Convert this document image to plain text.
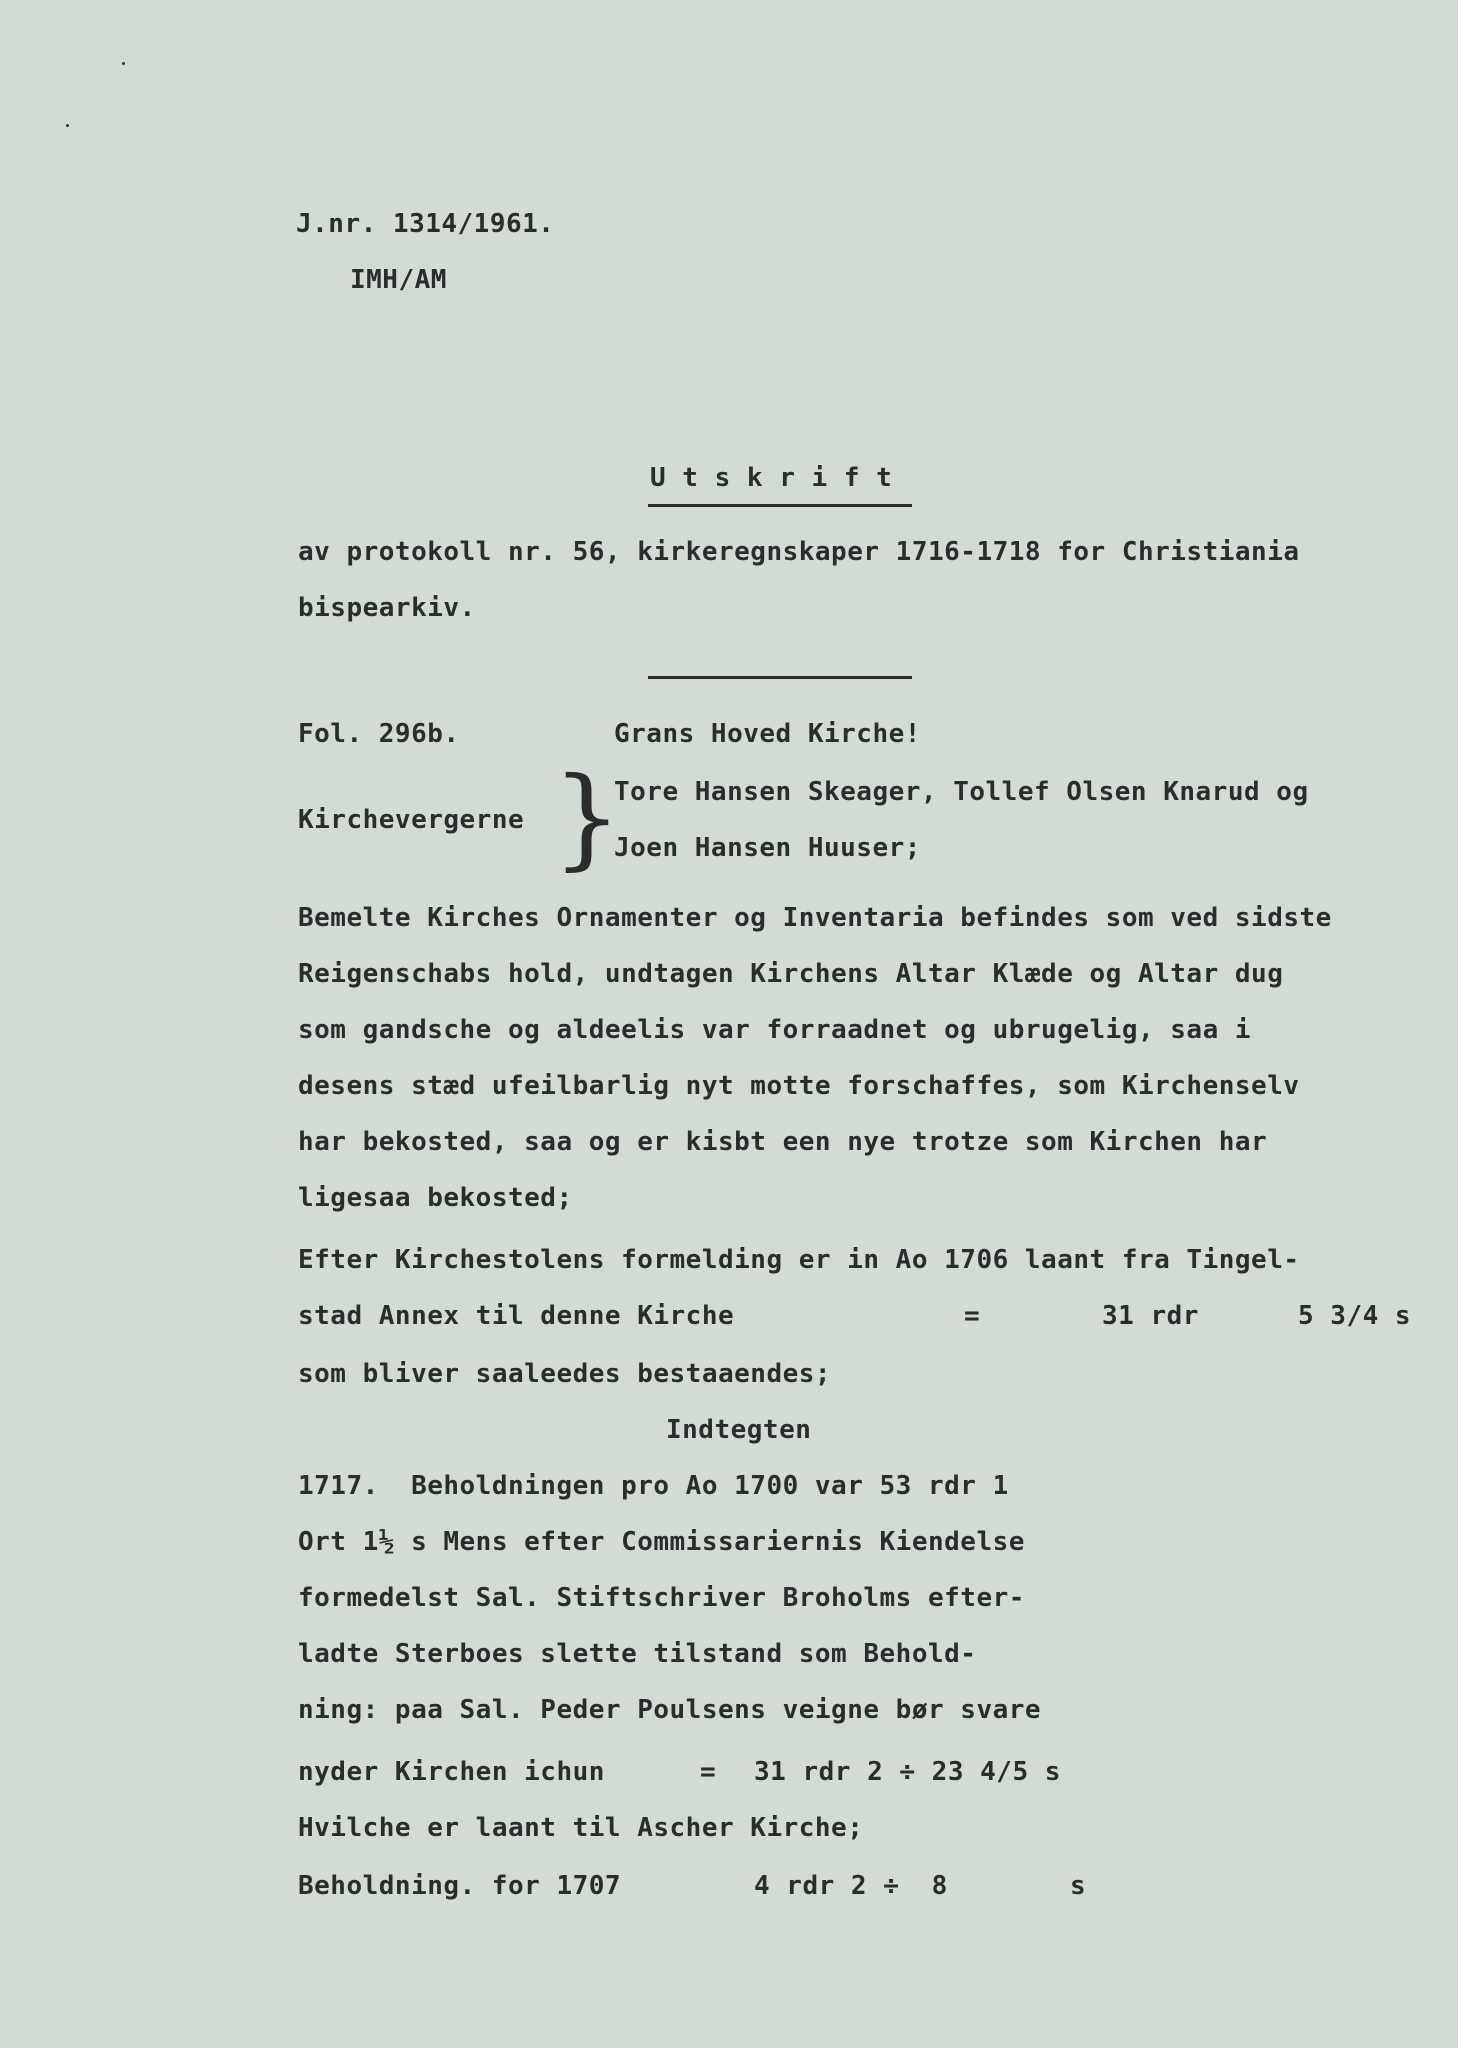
J.nr. 1314/1961.
IMH/AM
U t s k r i f t
av protokoll nr. 56, kirkeregnskaper 1716-1718 for Christiania
bispearkiv.
Fol. 296b.	Grans Hoved Kirche!
Kirchevergerne }
Tore Hansen Skeager, Tollef Olsen Knarud og
Joen Hansen Huuser;
Bemelte Kirches Ornamenter og Inventaria befindes som ved sidste
Reigenschabs hold, undtagen Kirchens Altar Klæde og Altar dug
som gandsche og aldeelis var forraadnet og ubrugelig, saa i
desens stæd ufeilbarlig nyt motte forschaffes, som Kirchenselv
har bekosted, saa og er kisbt een nye trotze som Kirchen har
ligesaa bekosted;
Efter Kirchestolens formelding er in Ao 1706 laant fra Tingel-
stad Annex til denne Kirche	=	31 rdr	5 3/4 s
som bliver saaleedes bestaaendes;
Indtegten
1717.  Beholdningen pro Ao 1700 var 53 rdr 1
Ort 1½ s Mens efter Commissariernis Kiendelse
formedelst Sal. Stiftschriver Broholms efter-
ladte Sterboes slette tilstand som Behold-
ning: paa Sal. Peder Poulsens veigne bør svare
nyder Kirchen ichun	= 31 rdr 2 ÷ 23 4/5 s
Hvilche er laant til Ascher Kirche;
Beholdning. for 1707	4 rdr 2 ÷  8	s
